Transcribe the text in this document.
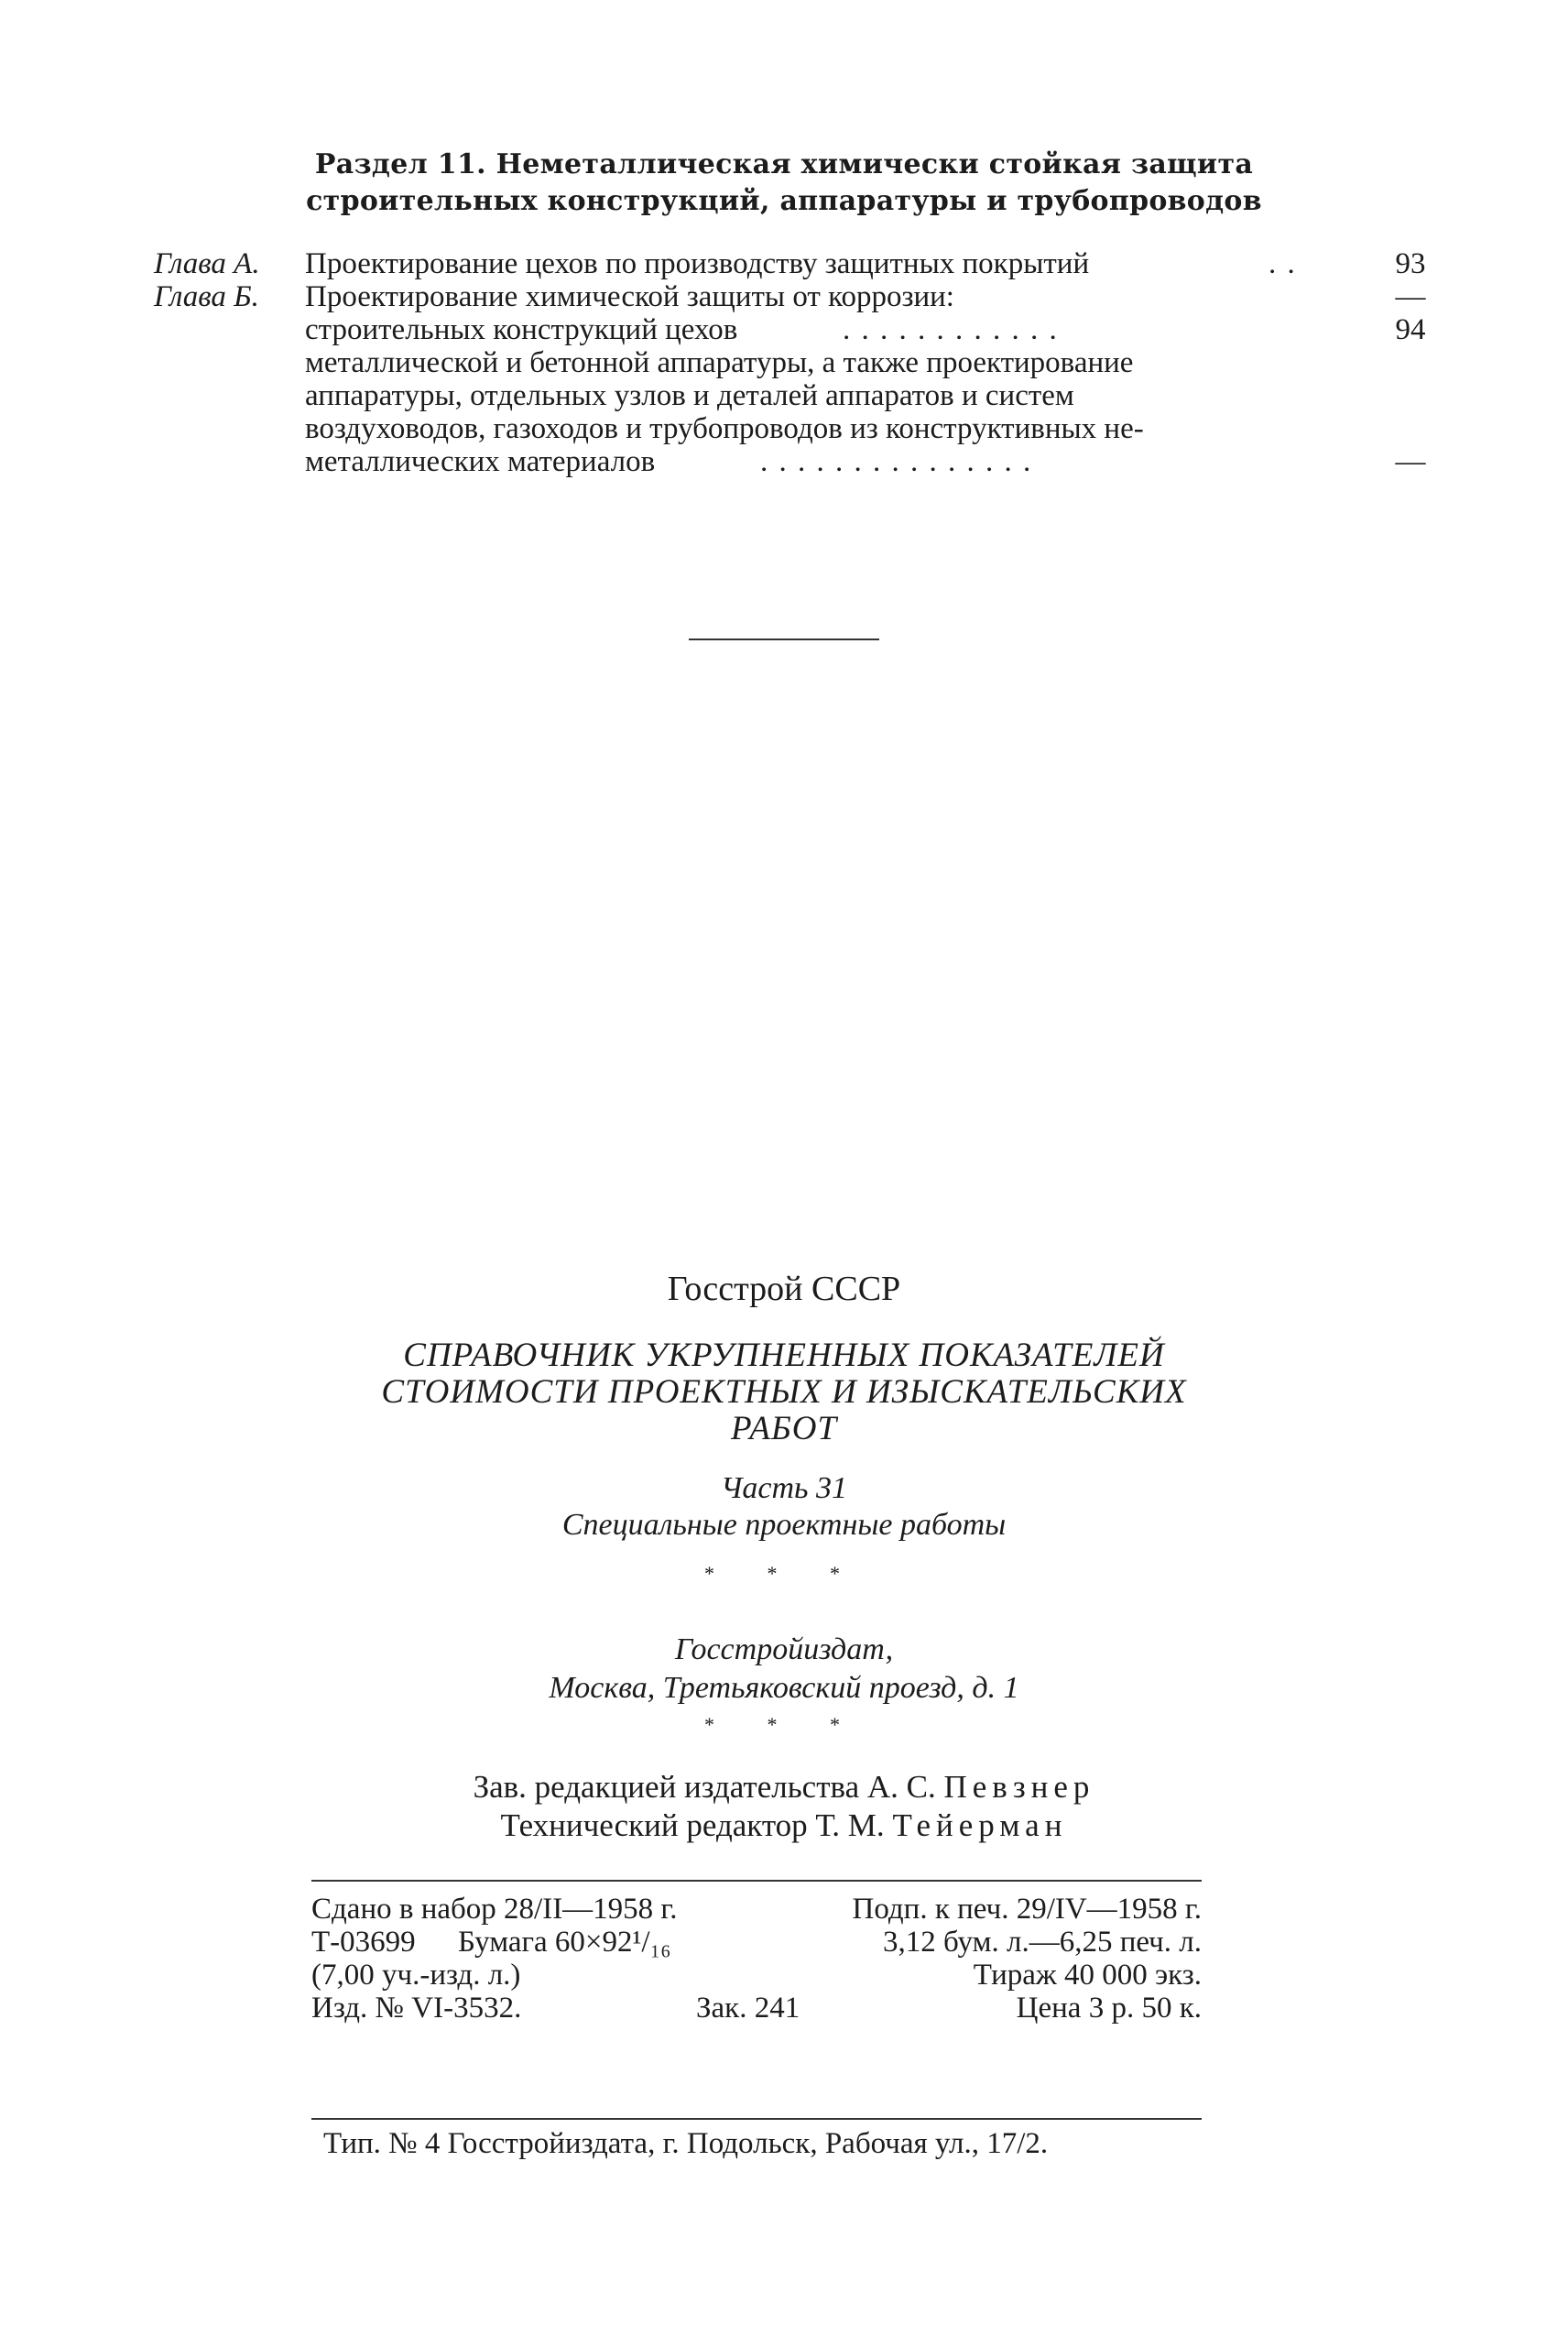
Раздел 11. Неметаллическая химически стойкая защита
строительных конструкций, аппаратуры и трубопроводов
Глава А. Проектирование цехов по производству защитных покрытий	. .	93
Глава Б. Проектирование химической защиты от коррозии:	—
строительных конструкций цехов	. . . . . . . . . . . .	94
металлической и бетонной аппаратуры, а также проектирование
аппаратуры, отдельных узлов и деталей аппаратов и систем
воздуховодов, газоходов и трубопроводов из конструктивных не-
металлических материалов	. . . . . . . . . . . . . . .	—
Госстрой СССР
СПРАВОЧНИК УКРУПНЕННЫХ ПОКАЗАТЕЛЕЙ
СТОИМОСТИ ПРОЕКТНЫХ И ИЗЫСКАТЕЛЬСКИХ
РАБОТ
Часть 31
Специальные проектные работы
* * *
Госстройиздат,
Москва, Третьяковский проезд, д. 1
* * *
Зав. редакцией издательства А. С. Певзнер
Технический редактор Т. М. Тейерман
Сдано в набор 28/II—1958 г.	Подп. к печ. 29/IV—1958 г.
Т-03699 Бумага 60×92¹/₁₆	3,12 бум. л.—6,25 печ. л.
(7,00 уч.-изд. л.)	Тираж 40 000 экз.
Изд. № VI-3532.	Зак. 241	Цена 3 р. 50 к.
Тип. № 4 Госстройиздата, г. Подольск, Рабочая ул., 17/2.
